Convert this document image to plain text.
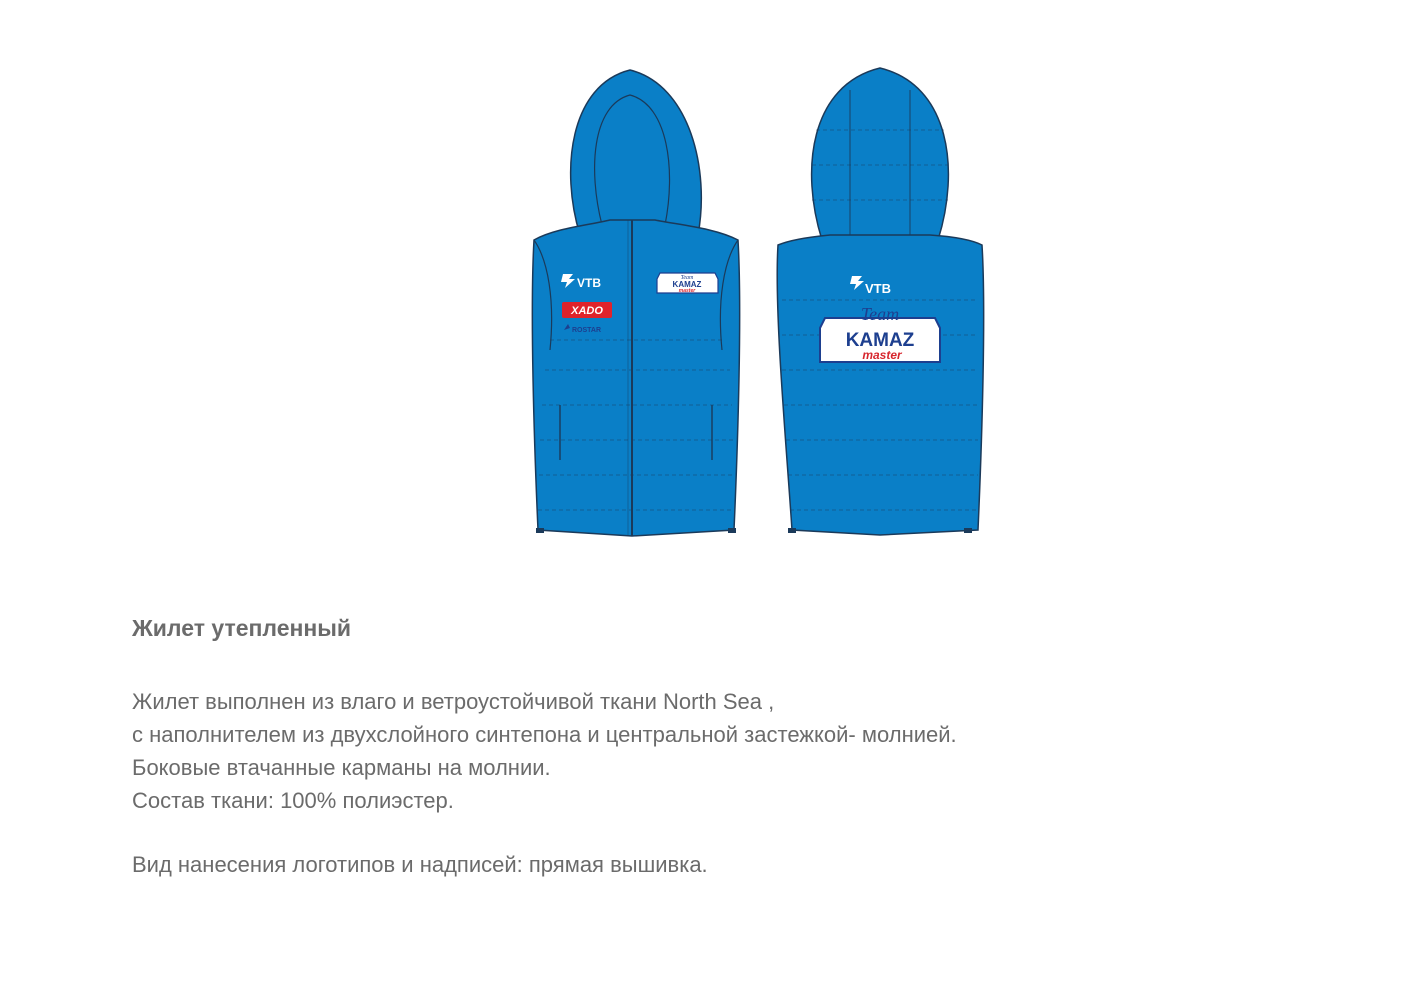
VTB
XADO
ROSTAR
Team
KAMAZ
master	VTB
Team
KAMAZ
master
Жилет утепленный
Жилет выполнен из влаго и ветроустойчивой ткани North Sea ,
с наполнителем из двухслойного синтепона и центральной застежкой- молнией.
Боковые втачанные карманы на молнии.
Состав ткани: 100% полиэстер.
Вид нанесения логотипов и надписей: прямая вышивка.
